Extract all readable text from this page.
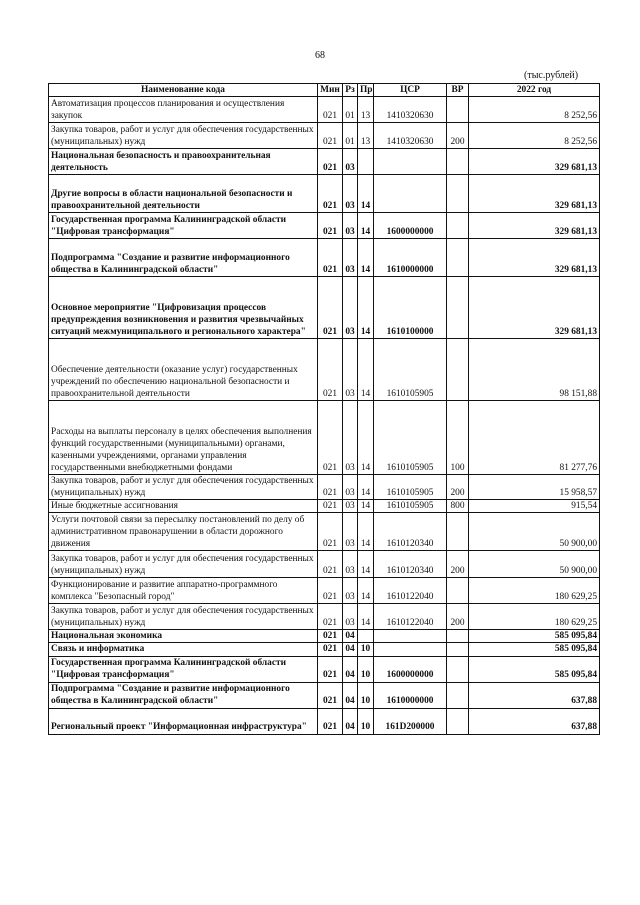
68
(тыс.рублей)
Наименование кода	Мин	Рз	Пр	ЦСР	ВР	2022 год
Автоматизация процессов планирования и осуществления закупок	021	01	13	1410320630		8 252,56
Закупка товаров, работ и услуг для обеспечения государственных (муниципальных) нужд	021	01	13	1410320630	200	8 252,56
Национальная безопасность и правоохранительная деятельность	021	03				329 681,13
Другие вопросы в области национальной безопасности и правоохранительной деятельности	021	03	14			329 681,13
Государственная программа Калининградской области "Цифровая трансформация"	021	03	14	1600000000		329 681,13
Подпрограмма "Создание и развитие информационного общества в Калининградской области"	021	03	14	1610000000		329 681,13
Основное мероприятие "Цифровизация процессов предупреждения возникновения и развития чрезвычайных ситуаций межмуниципального и регионального характера"	021	03	14	1610100000		329 681,13
Обеспечение деятельности (оказание услуг) государственных учреждений по обеспечению национальной безопасности и правоохранительной деятельности	021	03	14	1610105905		98 151,88
Расходы на выплаты персоналу в целях обеспечения выполнения функций государственными (муниципальными) органами, казенными учреждениями, органами управления государственными внебюджетными фондами	021	03	14	1610105905	100	81 277,76
Закупка товаров, работ и услуг для обеспечения государственных (муниципальных) нужд	021	03	14	1610105905	200	15 958,57
Иные бюджетные ассигнования	021	03	14	1610105905	800	915,54
Услуги почтовой связи за пересылку постановлений по делу об административном правонарушении в области дорожного движения	021	03	14	1610120340		50 900,00
Закупка товаров, работ и услуг для обеспечения государственных (муниципальных) нужд	021	03	14	1610120340	200	50 900,00
Функционирование и развитие аппаратно-программного комплекса "Безопасный город"	021	03	14	1610122040		180 629,25
Закупка товаров, работ и услуг для обеспечения государственных (муниципальных) нужд	021	03	14	1610122040	200	180 629,25
Национальная экономика	021	04				585 095,84
Связь и информатика	021	04	10			585 095,84
Государственная программа Калининградской области "Цифровая трансформация"	021	04	10	1600000000		585 095,84
Подпрограмма "Создание и развитие информационного общества в Калининградской области"	021	04	10	1610000000		637,88
Региональный проект "Информационная инфраструктура"	021	04	10	161D200000		637,88
